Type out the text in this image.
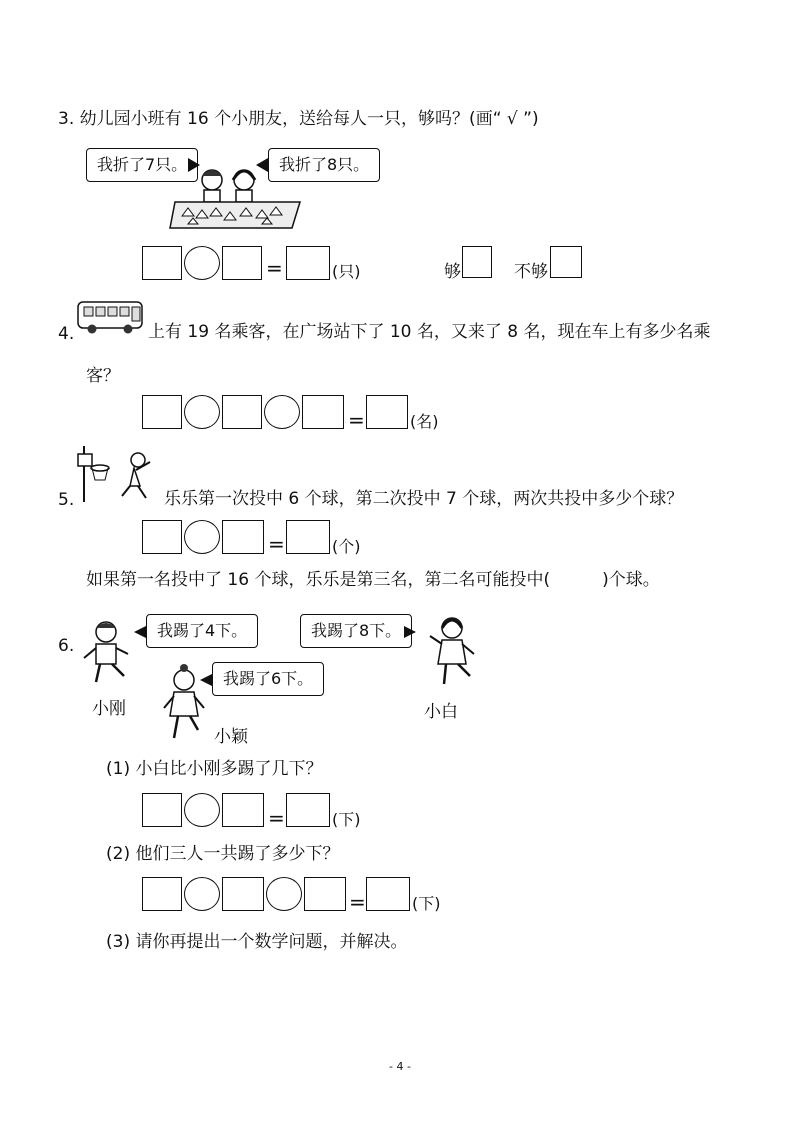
3. 幼儿园小班有 16 个小朋友，送给每人一只，够吗？(画“ √ ”)
我折了7只。	我折了8只。
=	(只)	够	不够
4.	上有 19 名乘客，在广场站下了 10 名，又来了 8 名，现在车上有多少名乘
客？
=	(名)
5.	乐乐第一次投中 6 个球，第二次投中 7 个球，两次共投中多少个球？
=	(个)
如果第一名投中了 16 个球，乐乐是第三名，第二名可能投中(	)个球。
6.
我踢了4下。	我踢了8下。
小刚	小白
我踢了6下。
小颖
(1) 小白比小刚多踢了几下？
=	(下)
(2) 他们三人一共踢了多少下？
=	(下)
(3) 请你再提出一个数学问题，并解决。
- 4 -
